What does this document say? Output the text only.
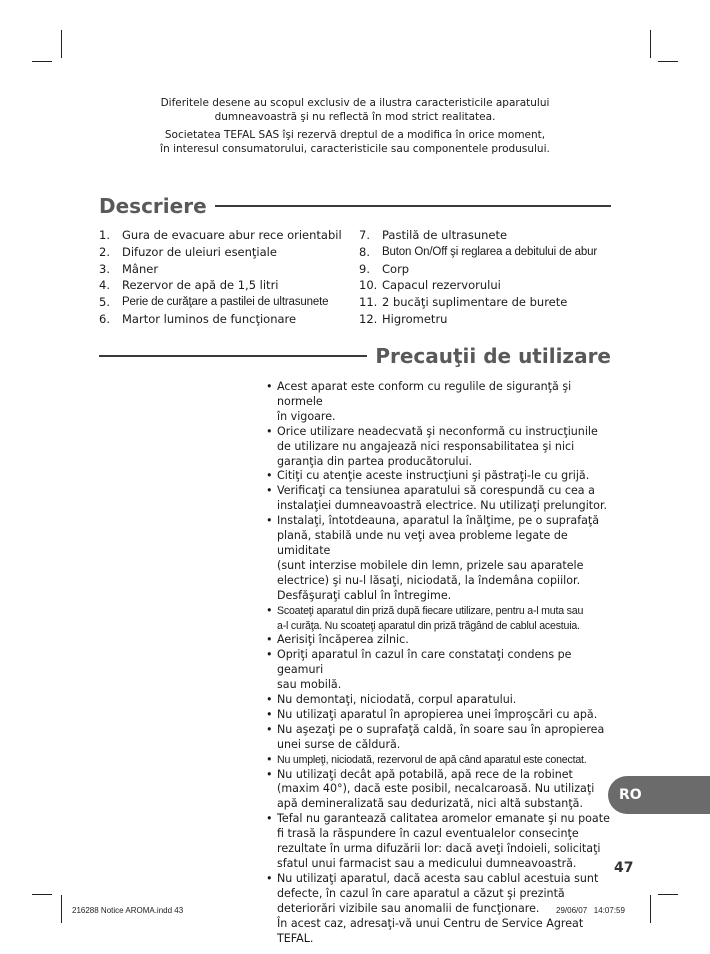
Diferitele desene au scopul exclusiv de a ilustra caracteristicile aparatului
dumneavoastră şi nu reflectă în mod strict realitatea.

Societatea TEFAL SAS îşi rezervă dreptul de a modifica în orice moment,
în interesul consumatorului, caracteristicile sau componentele produsului.

Descriere
1.	Gura de evacuare abur rece orientabil
2.	Difuzor de uleiuri esenţiale
3.	Mâner
4.	Rezervor de apă de 1,5 litri
5.	Perie de curăţare a pastilei de ultrasunete
6.	Martor luminos de funcţionare
7.	Pastilă de ultrasunete
8.	Buton On/Off şi reglarea a debitului de abur
9.	Corp
10. Capacul rezervorului
11. 2 bucăţi suplimentare de burete
12. Higrometru
Precauţii de utilizare
• Acest aparat este conform cu regulile de siguranţă şi normele
în vigoare.
• Orice utilizare neadecvată şi neconformă cu instrucţiunile
de utilizare nu angajează nici responsabilitatea şi nici
garanţia din partea producătorului.
• Citiţi cu atenţie aceste instrucţiuni şi păstraţi-le cu grijă.
• Verificaţi ca tensiunea aparatului să corespundă cu cea a
instalaţiei dumneavoastră electrice. Nu utilizaţi prelungitor.
• Instalaţi, întotdeauna, aparatul la înălţime, pe o suprafaţă
plană, stabilă unde nu veţi avea probleme legate de umiditate
(sunt interzise mobilele din lemn, prizele sau aparatele
electrice) şi nu-l lăsaţi, niciodată, la îndemâna copiilor.
Desfăşuraţi cablul în întregime.
• Scoateţi aparatul din priză după fiecare utilizare, pentru a-l muta sau
a-l curăţa. Nu scoateţi aparatul din priză trăgând de cablul acestuia.
• Aerisiţi încăperea zilnic.
• Opriţi aparatul în cazul în care constataţi condens pe geamuri
sau mobilă.
• Nu demontaţi, niciodată, corpul aparatului.
• Nu utilizaţi aparatul în apropierea unei împroşcări cu apă.
• Nu aşezaţi pe o suprafaţă caldă, în soare sau în apropierea
unei surse de căldură.
• Nu umpleţi, niciodată, rezervorul de apă când aparatul este conectat.
• Nu utilizaţi decât apă potabilă, apă rece de la robinet
(maxim 40°), dacă este posibil, necalcaroasă. Nu utilizaţi
apă demineralizată sau dedurizată, nici altă substanţă.
• Tefal nu garantează calitatea aromelor emanate şi nu poate
fi trasă la răspundere în cazul eventualelor consecinţe
rezultate în urma difuzării lor: dacă aveţi îndoieli, solicitaţi
sfatul unui farmacist sau a medicului dumneavoastră.
• Nu utilizaţi aparatul, dacă acesta sau cablul acestuia sunt
defecte, în cazul în care aparatul a căzut şi prezintă
deteriorări vizibile sau anomalii de funcţionare.
În acest caz, adresaţi-vă unui Centru de Service Agreat TEFAL.
RO
47
216288 Notice AROMA.indd 43	29/06/07   14:07:59
